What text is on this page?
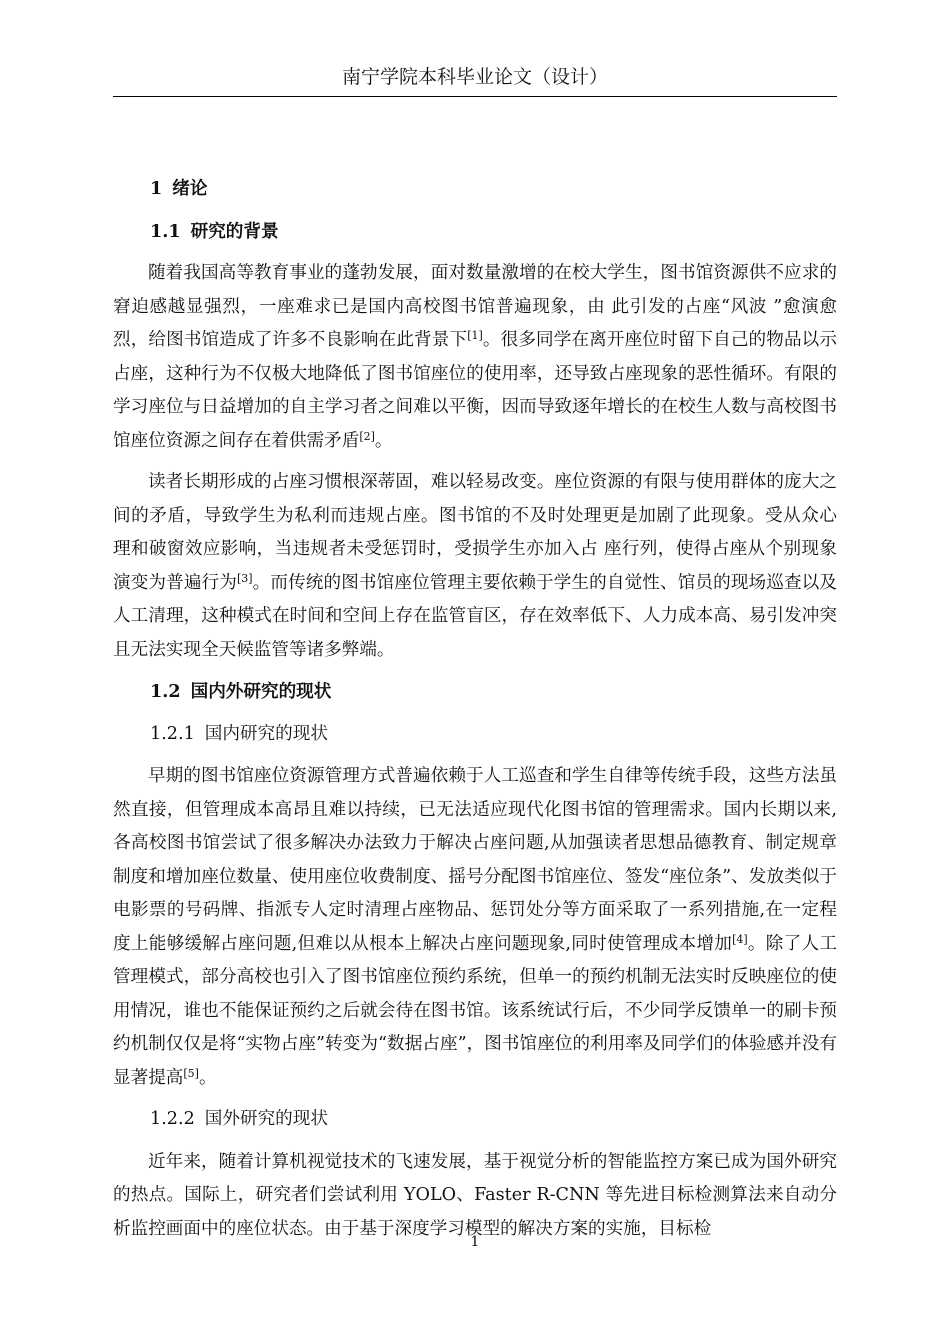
南宁学院本科毕业论文（设计）
1 绪论
1.1 研究的背景

随着我国高等教育事业的蓬勃发展，面对数量激增的在校大学生，图书馆资源供不应求的窘迫感越显强烈，一座难求已是国内高校图书馆普遍现象，由 此引发的占座“风波 ”愈演愈烈，给图书馆造成了许多不良影响在此背景下[1]。很多同学在离开座位时留下自己的物品以示占座，这种行为不仅极大地降低了图书馆座位的使用率，还导致占座现象的恶性循环。有限的学习座位与日益增加的自主学习者之间难以平衡，因而导致逐年增长的在校生人数与高校图书馆座位资源之间存在着供需矛盾[2]。

读者长期形成的占座习惯根深蒂固，难以轻易改变。座位资源的有限与使用群体的庞大之间的矛盾，导致学生为私利而违规占座。图书馆的不及时处理更是加剧了此现象。受从众心 理和破窗效应影响，当违规者未受惩罚时，受损学生亦加入占 座行列，使得占座从个别现象演变为普遍行为[3]。而传统的图书馆座位管理主要依赖于学生的自觉性、馆员的现场巡查以及人工清理，这种模式在时间和空间上存在监管盲区，存在效率低下、人力成本高、易引发冲突且无法实现全天候监管等诸多弊端。

1.2 国内外研究的现状
1.2.1 国内研究的现状

早期的图书馆座位资源管理方式普遍依赖于人工巡查和学生自律等传统手段，这些方法虽然直接，但管理成本高昂且难以持续，已无法适应现代化图书馆的管理需求。国内长期以来,各高校图书馆尝试了很多解决办法致力于解决占座问题,从加强读者思想品德教育、制定规章制度和增加座位数量、使用座位收费制度、摇号分配图书馆座位、签发“座位条”、发放类似于电影票的号码牌、指派专人定时清理占座物品、惩罚处分等方面采取了一系列措施,在一定程度上能够缓解占座问题,但难以从根本上解决占座问题现象,同时使管理成本增加[4]。除了人工管理模式，部分高校也引入了图书馆座位预约系统，但单一的预约机制无法实时反映座位的使用情况，谁也不能保证预约之后就会待在图书馆。该系统试行后，不少同学反馈单一的刷卡预约机制仅仅是将“实物占座”转变为“数据占座”，图书馆座位的利用率及同学们的体验感并没有显著提高[5]。

1.2.2 国外研究的现状

近年来，随着计算机视觉技术的飞速发展，基于视觉分析的智能监控方案已成为国外研究的热点。国际上，研究者们尝试利用 YOLO、Faster R-CNN 等先进目标检测算法来自动分析监控画面中的座位状态。由于基于深度学习模型的解决方案的实施，目标检

1
